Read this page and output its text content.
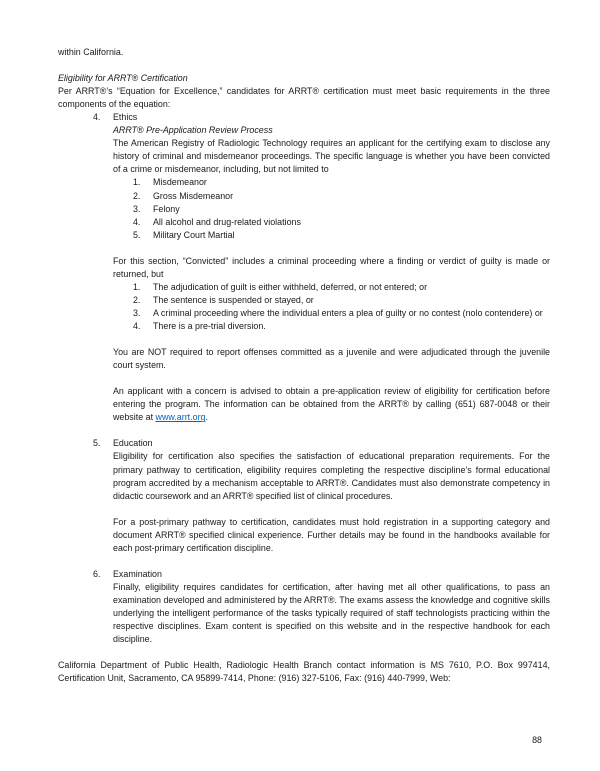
within California.

Eligibility for ARRT® Certification

Per ARRT®’s “Equation for Excellence,” candidates for ARRT® certification must meet basic requirements in the three components of the equation:

4.	Ethics

ARRT® Pre-Application Review Process

The American Registry of Radiologic Technology requires an applicant for the certifying exam to disclose any history of criminal and misdemeanor proceedings. The specific language is whether you have been convicted of a crime or misdemeanor, including, but not limited to

1.	Misdemeanor

2.	Gross Misdemeanor

3.	Felony

4.	All alcohol and drug-related violations

5.	Military Court Martial

For this section, “Convicted” includes a criminal proceeding where a finding or verdict of guilty is made or returned, but

1.	The adjudication of guilt is either withheld, deferred, or not entered; or

2.	The sentence is suspended or stayed, or

3.	A criminal proceeding where the individual enters a plea of guilty or no contest (nolo contendere) or

4.	There is a pre-trial diversion.

You are NOT required to report offenses committed as a juvenile and were adjudicated through the juvenile court system.

An applicant with a concern is advised to obtain a pre-application review of eligibility for certification before entering the program. The information can be obtained from the ARRT® by calling (651) 687-0048 or their website at www.arrt.org.

5.	Education

Eligibility for certification also specifies the satisfaction of educational preparation requirements. For the primary pathway to certification, eligibility requires completing the respective discipline’s formal educational program accredited by a mechanism acceptable to ARRT®. Candidates must also demonstrate competency in didactic coursework and an ARRT® specified list of clinical procedures.

For a post-primary pathway to certification, candidates must hold registration in a supporting category and document ARRT® specified clinical experience. Further details may be found in the handbooks available for each post-primary certification discipline.

6.	Examination

Finally, eligibility requires candidates for certification, after having met all other qualifications, to pass an examination developed and administered by the ARRT®. The exams assess the knowledge and cognitive skills underlying the intelligent performance of the tasks typically required of staff technologists practicing within the respective disciplines. Exam content is specified on this website and in the respective handbook for each discipline.

California Department of Public Health, Radiologic Health Branch contact information is MS 7610, P.O. Box 997414, Certification Unit, Sacramento, CA 95899-7414, Phone: (916) 327-5106, Fax: (916) 440-7999, Web:

88
